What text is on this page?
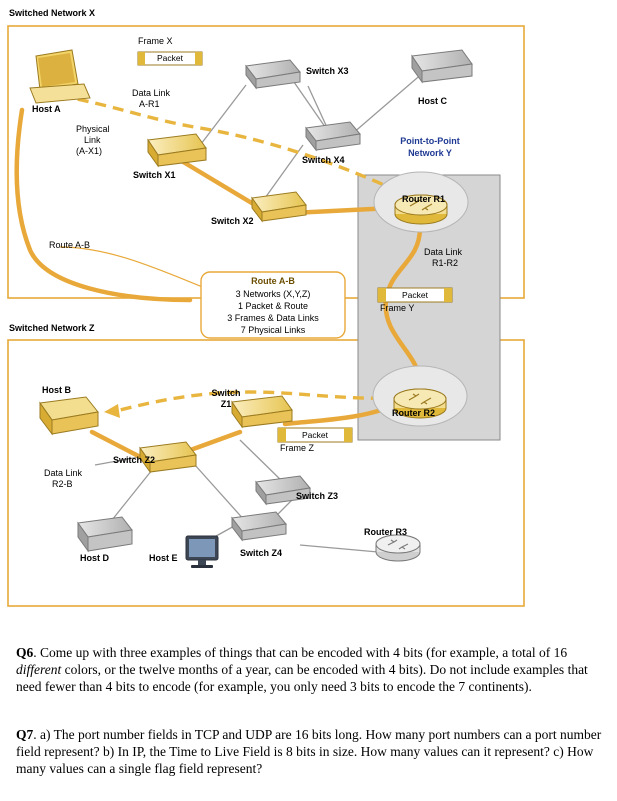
Switched Network X
Switched Network Z
Point-to-Point
Network Y
Frame X
Packet
Frame Y
Packet
Frame Z
Packet
Host A
Host C
Host B
Host D	Host E
Switch X1
Switch X2
Switch X3
Switch X4
Switch
Z1
Switch Z2
Switch Z3
Switch Z4
Router R1
Router R2
Router R3
Data Link
A-R1
Data Link
R1-R2
Data Link
R2-B
Physical
Link
(A-X1)
Route A-B
Route A-B
3 Networks (X,Y,Z)
1 Packet & Route
3 Frames & Data Links
7 Physical Links
Q6. Come up with three examples of things that can be encoded with 4 bits (for example, a total of 16 different colors, or the twelve months of a year, can be encoded with 4 bits). Do not include examples that need fewer than 4 bits to encode (for example, you only need 3 bits to encode the 7 continents).
Q7. a) The port number fields in TCP and UDP are 16 bits long. How many port numbers can a port number field represent? b) In IP, the Time to Live Field is 8 bits in size. How many values can it represent? c) How many values can a single flag field represent?
